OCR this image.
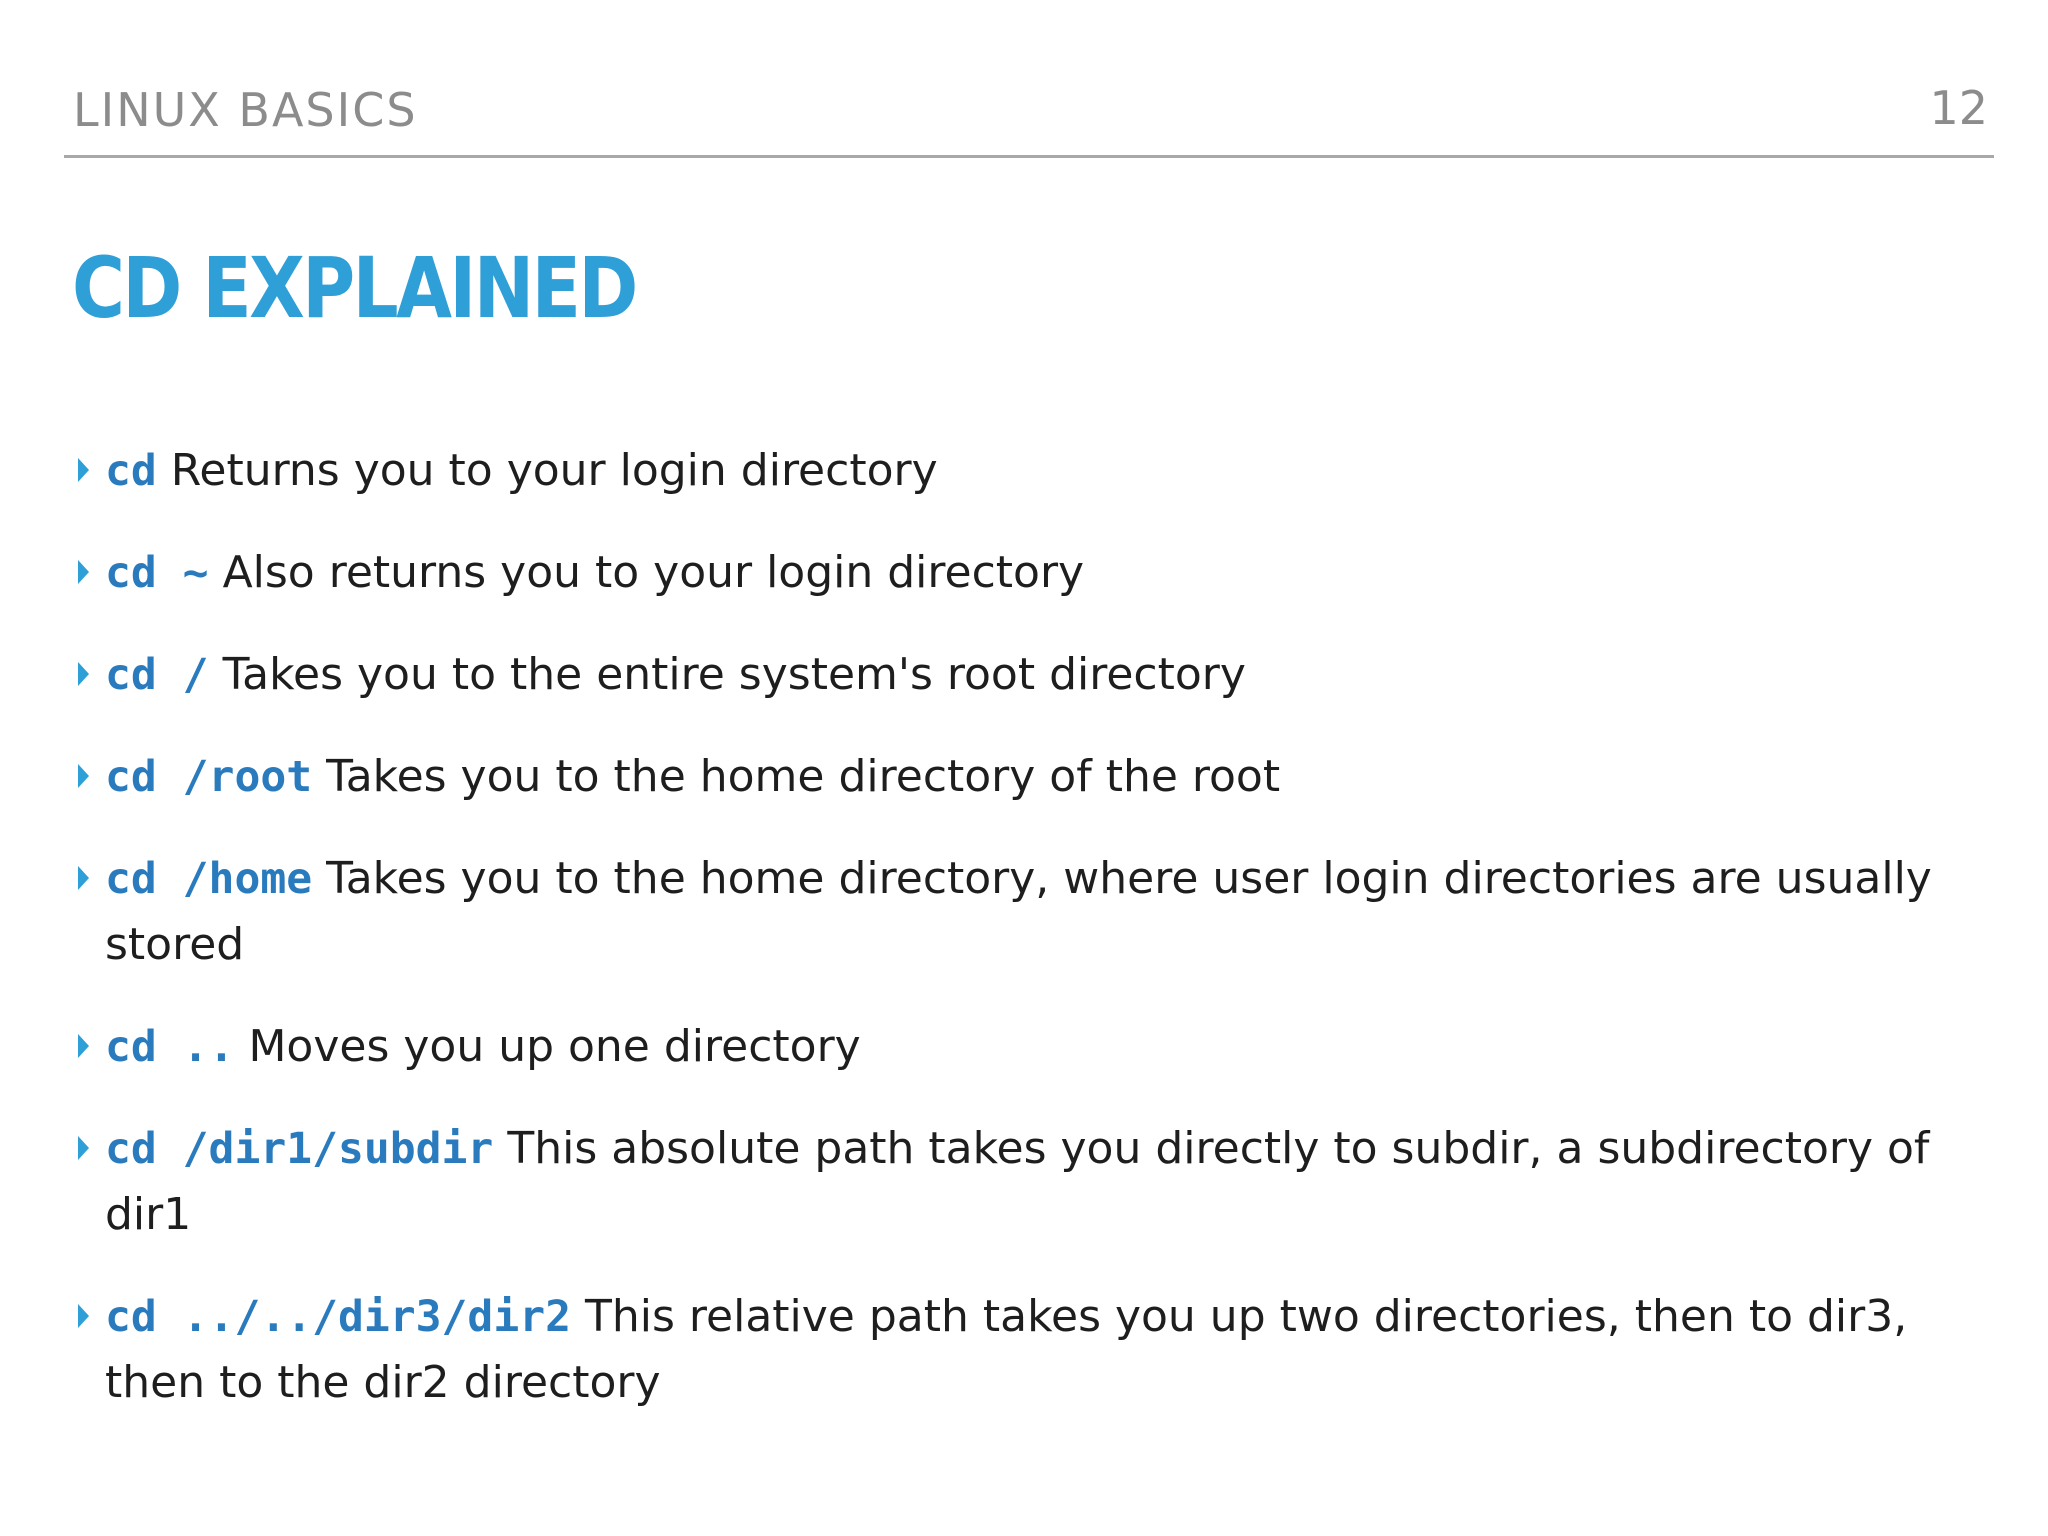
LINUX BASICS	12
CD EXPLAINED
cd Returns you to your login directory
cd ~ Also returns you to your login directory
cd / Takes you to the entire system's root directory
cd /root Takes you to the home directory of the root
cd /home Takes you to the home directory, where user login directories are usually stored
cd .. Moves you up one directory
cd /dir1/subdir This absolute path takes you directly to subdir, a subdirectory of dir1
cd ../../dir3/dir2 This relative path takes you up two directories, then to dir3, then to the dir2 directory
